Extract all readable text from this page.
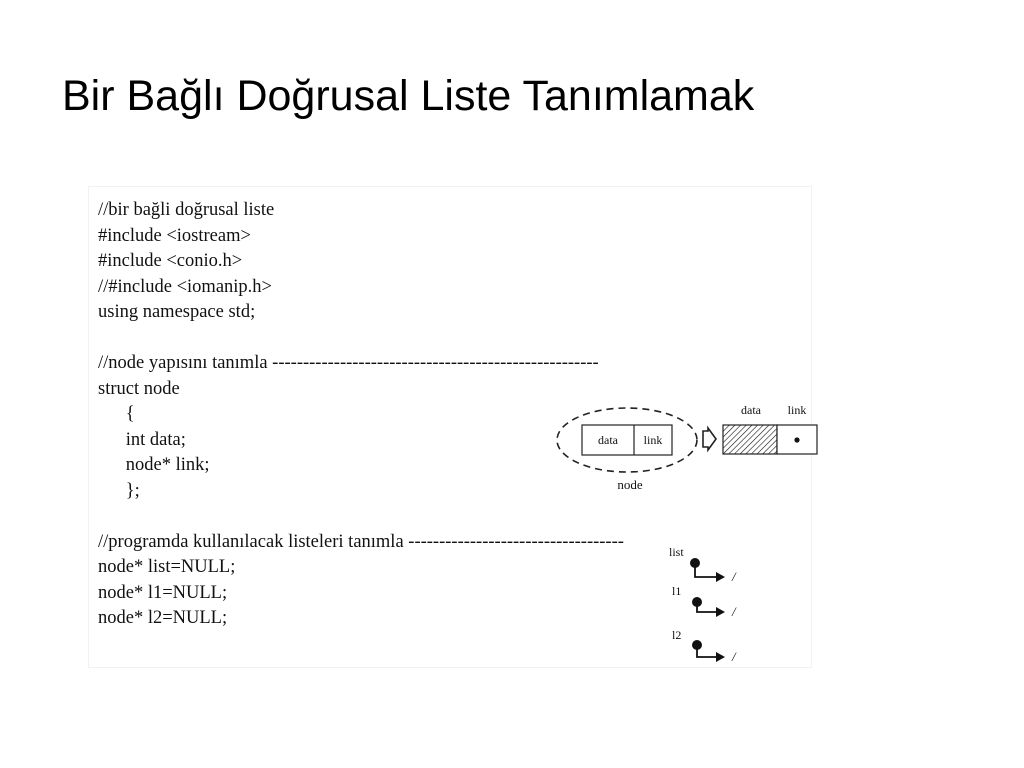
Bir Bağlı Doğrusal Liste Tanımlamak
//bir bağli doğrusal liste
#include <iostream>
#include <conio.h>
//#include <iomanip.h>
using namespace std;
//node yapısını tanımla -----------------------------------------------------
struct node
{
int data;
node* link;
};
//programda kullanılacak listeleri tanımla -----------------------------------
node* list=NULL;
node* l1=NULL;
node* l2=NULL;
data link
node
data link
list
/
l1
/
l2
/
